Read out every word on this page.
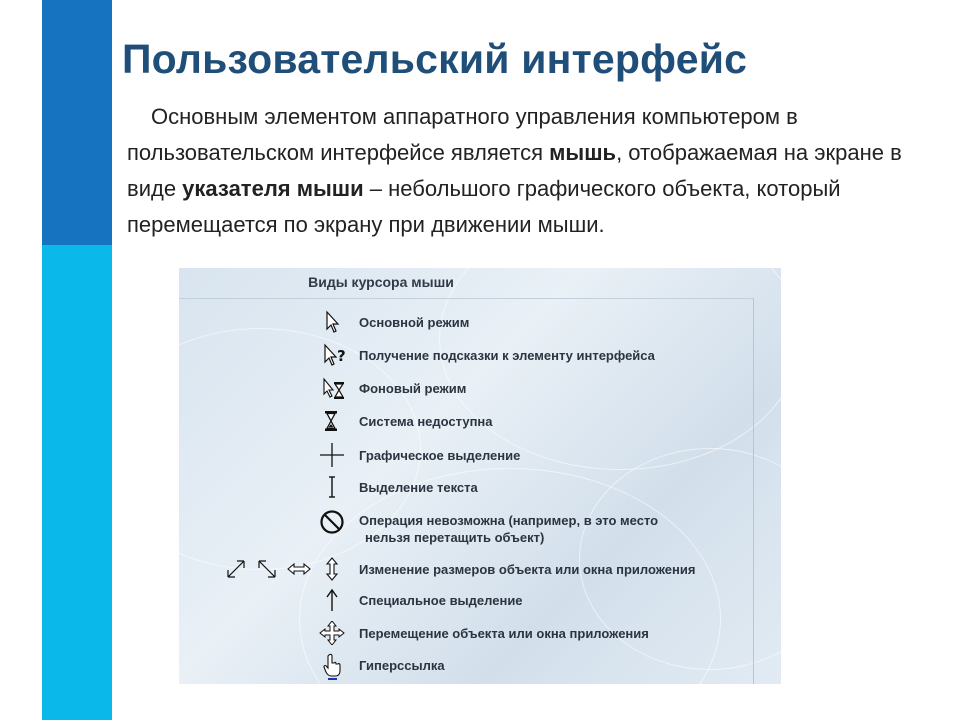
Пользовательский интерфейс
Основным элементом аппаратного управления компьютером в пользовательском интерфейсе является мышь, отображаемая на экране в виде указателя мыши – небольшого графического объекта, который перемещается по экрану при движении мыши.
Виды курсора мыши
Основной режим
? Получение подсказки к элементу интерфейса
Фоновый режим
Система недоступна
Графическое выделение
Выделение текста
Операция невозможна (например, в это место
нельзя перетащить объект)
Изменение размеров объекта или окна приложения
Специальное выделение
Перемещение объекта или окна приложения
Гиперссылка
